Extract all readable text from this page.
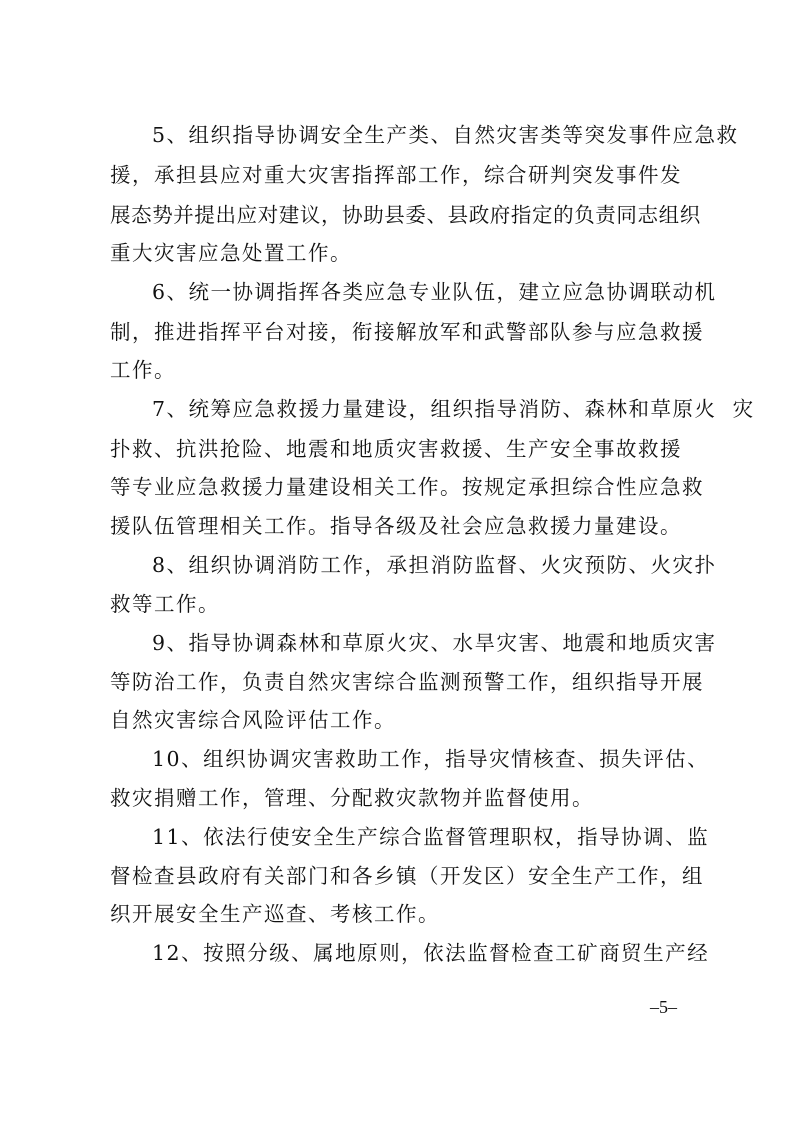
5、组织指导协调安全生产类、自然灾害类等突发事件应急救
援，承担县应对重大灾害指挥部工作，综合研判突发事件发
展态势并提出应对建议，协助县委、县政府指定的负责同志组织
重大灾害应急处置工作。
6、统一协调指挥各类应急专业队伍，建立应急协调联动机
制，推进指挥平台对接，衔接解放军和武警部队参与应急救援
工作。
7、统筹应急救援力量建设，组织指导消防、森林和草原火  灾
扑救、抗洪抢险、地震和地质灾害救援、生产安全事故救援
等专业应急救援力量建设相关工作。按规定承担综合性应急救
援队伍管理相关工作。指导各级及社会应急救援力量建设。
8、组织协调消防工作，承担消防监督、火灾预防、火灾扑
救等工作。
9、指导协调森林和草原火灾、水旱灾害、地震和地质灾害
等防治工作，负责自然灾害综合监测预警工作，组织指导开展
自然灾害综合风险评估工作。
10、组织协调灾害救助工作，指导灾情核查、损失评估、
救灾捐赠工作，管理、分配救灾款物并监督使用。
11、依法行使安全生产综合监督管理职权，指导协调、监
督检查县政府有关部门和各乡镇（开发区）安全生产工作，组
织开展安全生产巡查、考核工作。
12、按照分级、属地原则，依法监督检查工矿商贸生产经
–5–
